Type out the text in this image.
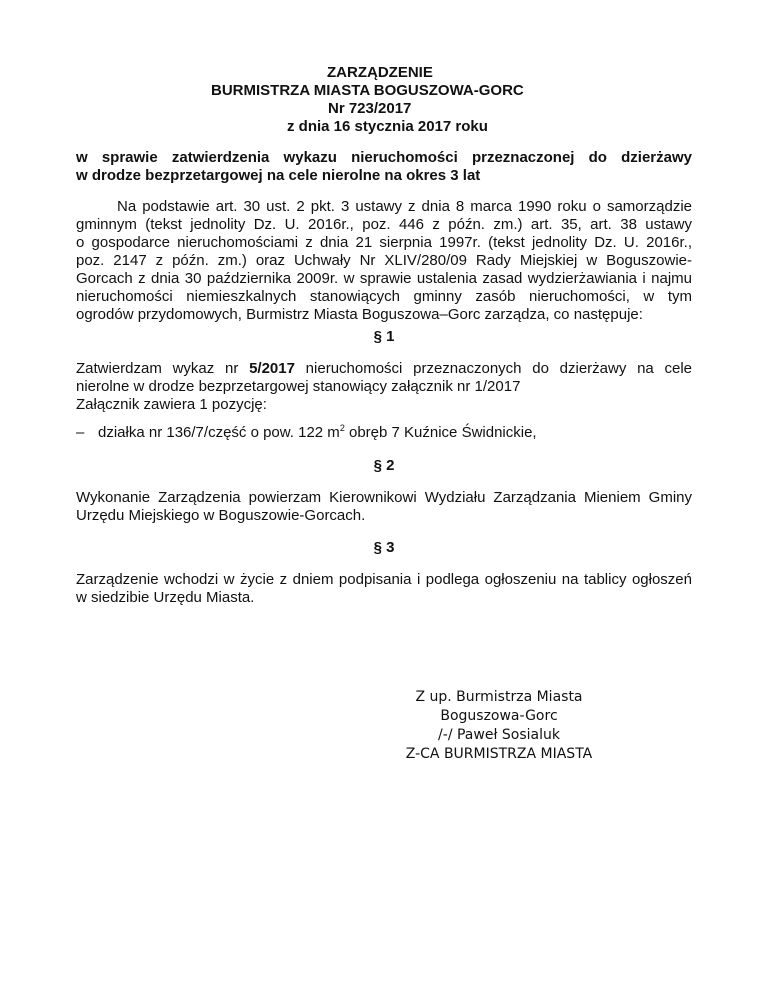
ZARZĄDZENIE
BURMISTRZA MIASTA BOGUSZOWA-GORC
Nr 723/2017
z dnia 16 stycznia 2017 roku
w sprawie zatwierdzenia wykazu nieruchomości przeznaczonej do dzierżawy
w drodze bezprzetargowej na cele nierolne na okres 3 lat
Na podstawie art. 30 ust. 2 pkt. 3 ustawy z dnia 8 marca 1990 roku o samorządzie
gminnym (tekst jednolity Dz. U. 2016r., poz. 446 z późn. zm.) art. 35, art. 38 ustawy
o gospodarce nieruchomościami z dnia 21 sierpnia 1997r. (tekst jednolity Dz. U. 2016r.,
poz. 2147 z późn. zm.) oraz Uchwały Nr XLIV/280/09 Rady Miejskiej w Boguszowie-
Gorcach z dnia 30 października 2009r. w sprawie ustalenia zasad wydzierżawiania i najmu
nieruchomości niemieszkalnych stanowiących gminny zasób nieruchomości, w tym
ogrodów przydomowych, Burmistrz Miasta Boguszowa–Gorc zarządza, co następuje:
§ 1
Zatwierdzam wykaz nr 5/2017 nieruchomości przeznaczonych do dzierżawy na cele
nierolne w drodze bezprzetargowej stanowiący załącznik nr 1/2017
Załącznik zawiera 1 pozycję:
– działka nr 136/7/część o pow. 122 $m^2$ obręb 7 Kuźnice Świdnickie,
§ 2
Wykonanie Zarządzenia powierzam Kierownikowi Wydziału Zarządzania Mieniem Gminy
Urzędu Miejskiego w Boguszowie-Gorcach.
§ 3
Zarządzenie wchodzi w życie z dniem podpisania i podlega ogłoszeniu na tablicy ogłoszeń
w siedzibie Urzędu Miasta.
Z up. Burmistrza Miasta
Boguszowa-Gorc
/-/ Paweł Sosialuk
Z-CA BURMISTRZA MIASTA
